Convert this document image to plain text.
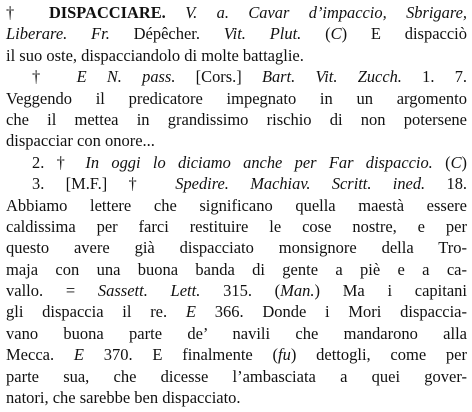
† DISPACCIARE. V. a. Cavar d’impaccio, Sbrigare,
Liberare. Fr. Dépêcher. Vit. Plut. (C) E dispacciò
il suo oste, dispacciandolo di molte battaglie.
† E N. pass. [Cors.] Bart. Vit. Zucch. 1. 7.
Veggendo il predicatore impegnato in un argomento
che il mettea in grandissimo rischio di non potersene
dispacciar con onore...
2. † In oggi lo diciamo anche per Far dispaccio. (C)
3. [M.F.] † Spedire. Machiav. Scritt. ined. 18.
Abbiamo lettere che significano quella maestà essere
caldissima per farci restituire le cose nostre, e per
questo avere già dispacciato monsignore della Tro-
maja con una buona banda di gente a piè e a ca-
vallo. = Sassett. Lett. 315. (Man.) Ma i capitani
gli dispaccia il re. E 366. Donde i Mori dispaccia-
vano buona parte de’ navili che mandarono alla
Mecca. E 370. E finalmente (fu) dettogli, come per
parte sua, che dicesse l’ambasciata a quei gover-
natori, che sarebbe ben dispacciato.
